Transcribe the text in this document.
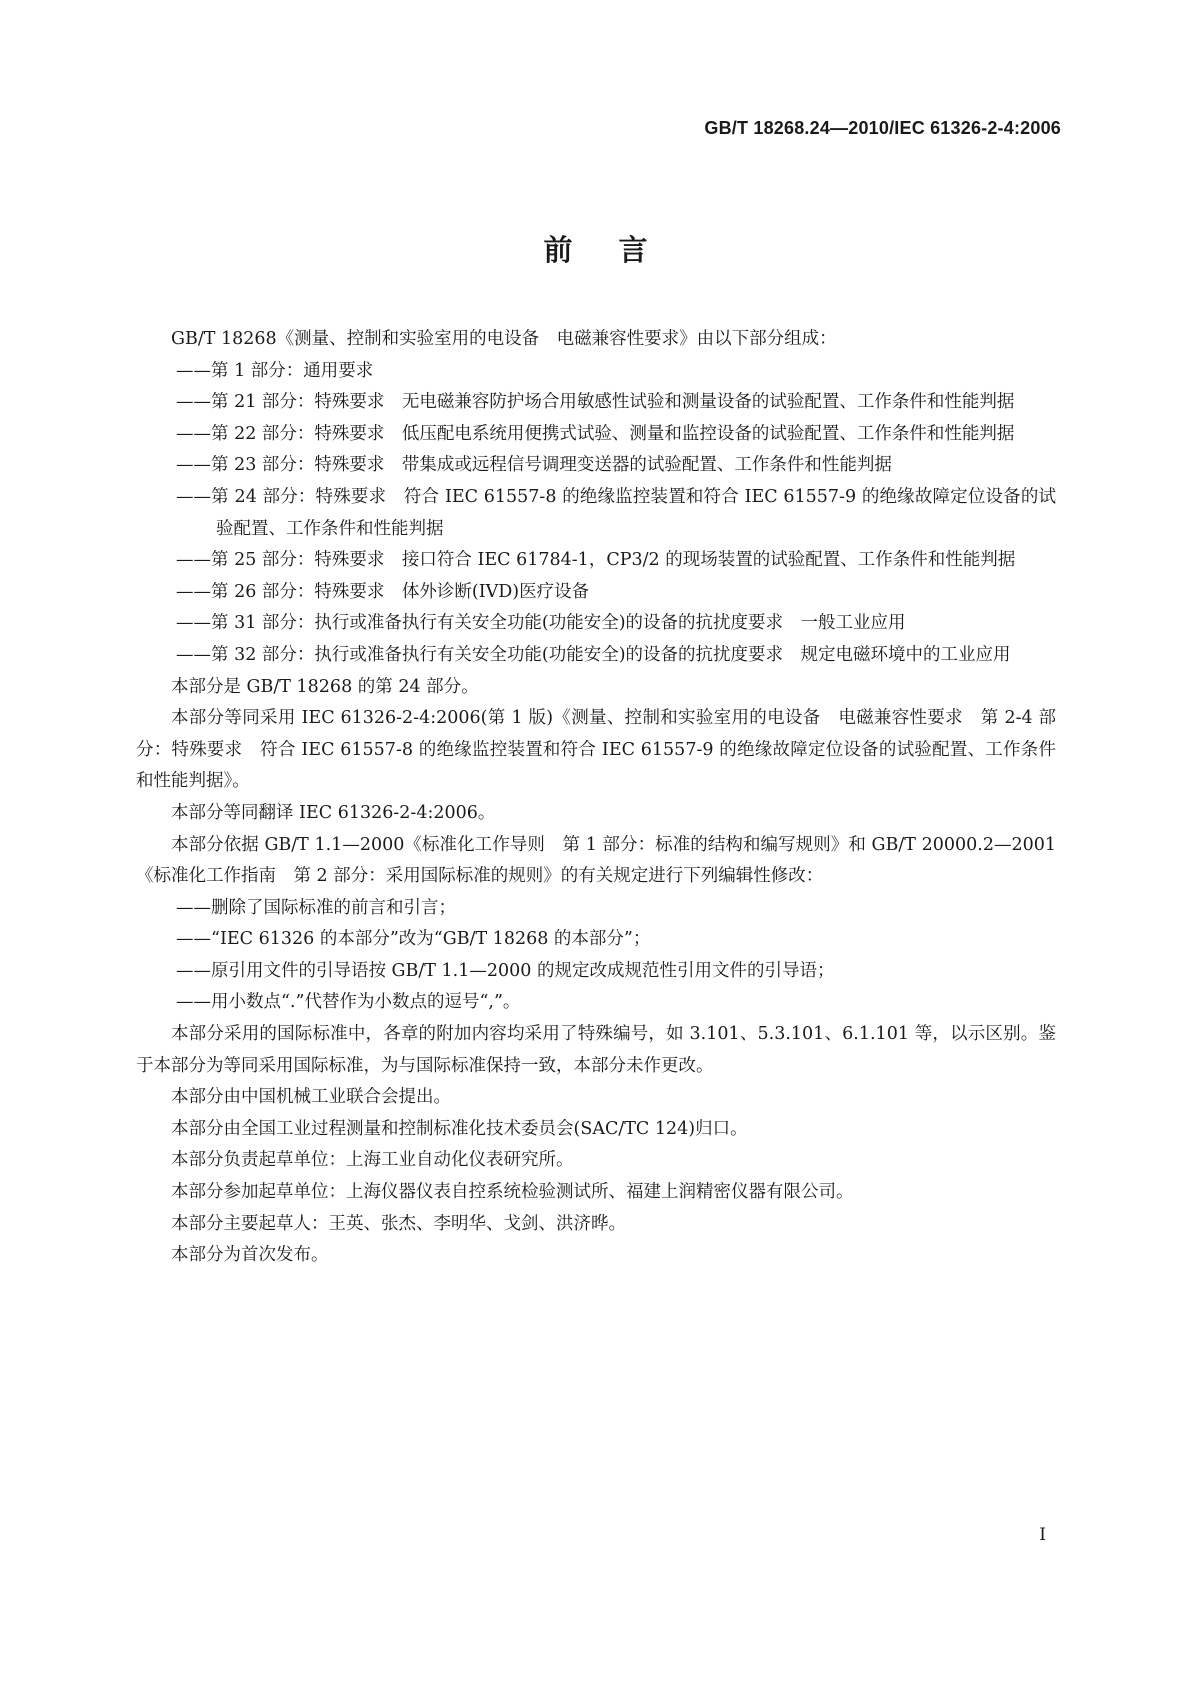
GB/T 18268.24—2010/IEC 61326-2-4:2006
前言

GB/T 18268《测量、控制和实验室用的电设备　电磁兼容性要求》由以下部分组成：

——第 1 部分：通用要求

——第 21 部分：特殊要求　无电磁兼容防护场合用敏感性试验和测量设备的试验配置、工作条件和性能判据

——第 22 部分：特殊要求　低压配电系统用便携式试验、测量和监控设备的试验配置、工作条件和性能判据

——第 23 部分：特殊要求　带集成或远程信号调理变送器的试验配置、工作条件和性能判据

——第 24 部分：特殊要求　符合 IEC 61557-8 的绝缘监控装置和符合 IEC 61557-9 的绝缘故障定位设备的试验配置、工作条件和性能判据

——第 25 部分：特殊要求　接口符合 IEC 61784-1，CP3/2 的现场装置的试验配置、工作条件和性能判据

——第 26 部分：特殊要求　体外诊断(IVD)医疗设备

——第 31 部分：执行或准备执行有关安全功能(功能安全)的设备的抗扰度要求　一般工业应用

——第 32 部分：执行或准备执行有关安全功能(功能安全)的设备的抗扰度要求　规定电磁环境中的工业应用

本部分是 GB/T 18268 的第 24 部分。

本部分等同采用 IEC 61326-2-4:2006(第 1 版)《测量、控制和实验室用的电设备　电磁兼容性要求　第 2-4 部分：特殊要求　符合 IEC 61557-8 的绝缘监控装置和符合 IEC 61557-9 的绝缘故障定位设备的试验配置、工作条件和性能判据》。

本部分等同翻译 IEC 61326-2-4:2006。

本部分依据 GB/T 1.1—2000《标准化工作导则　第 1 部分：标准的结构和编写规则》和 GB/T 20000.2—2001《标准化工作指南　第 2 部分：采用国际标准的规则》的有关规定进行下列编辑性修改：

——删除了国际标准的前言和引言；

——“IEC 61326 的本部分”改为“GB/T 18268 的本部分”；

——原引用文件的引导语按 GB/T 1.1—2000 的规定改成规范性引用文件的引导语；

——用小数点“.”代替作为小数点的逗号“,”。

本部分采用的国际标准中，各章的附加内容均采用了特殊编号，如 3.101、5.3.101、6.1.101 等，以示区别。鉴于本部分为等同采用国际标准，为与国际标准保持一致，本部分未作更改。

本部分由中国机械工业联合会提出。

本部分由全国工业过程测量和控制标准化技术委员会(SAC/TC 124)归口。

本部分负责起草单位：上海工业自动化仪表研究所。

本部分参加起草单位：上海仪器仪表自控系统检验测试所、福建上润精密仪器有限公司。

本部分主要起草人：王英、张杰、李明华、戈剑、洪济晔。

本部分为首次发布。

I
